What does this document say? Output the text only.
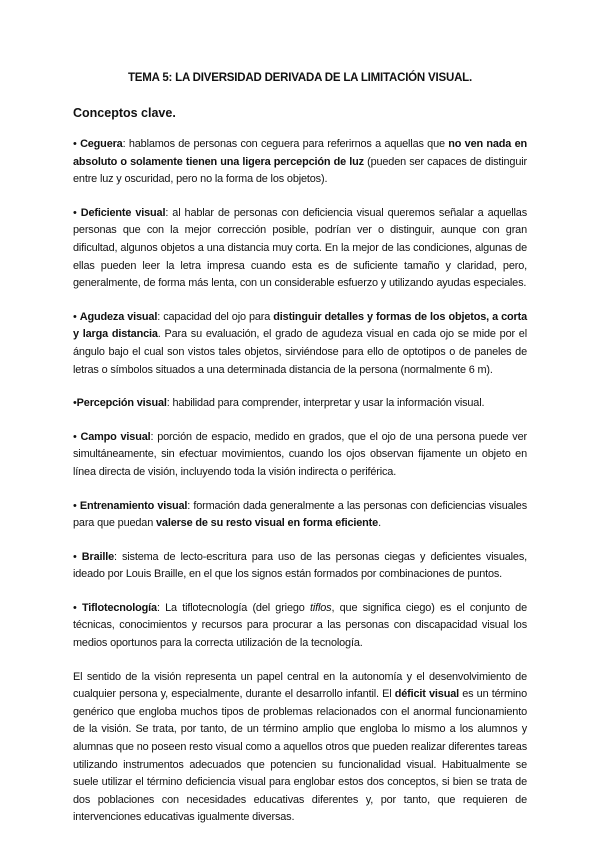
TEMA 5: LA DIVERSIDAD DERIVADA DE LA LIMITACIÓN VISUAL.
Conceptos clave.

• Ceguera: hablamos de personas con ceguera para referirnos a aquellas que no ven nada en absoluto o solamente tienen una ligera percepción de luz (pueden ser capaces de distinguir entre luz y oscuridad, pero no la forma de los objetos).

• Deficiente visual: al hablar de personas con deficiencia visual queremos señalar a aquellas personas que con la mejor corrección posible, podrían ver o distinguir, aunque con gran dificultad, algunos objetos a una distancia muy corta. En la mejor de las condiciones, algunas de ellas pueden leer la letra impresa cuando esta es de suficiente tamaño y claridad, pero, generalmente, de forma más lenta, con un considerable esfuerzo y utilizando ayudas especiales.

• Agudeza visual: capacidad del ojo para distinguir detalles y formas de los objetos, a corta y larga distancia. Para su evaluación, el grado de agudeza visual en cada ojo se mide por el ángulo bajo el cual son vistos tales objetos, sirviéndose para ello de optotipos o de paneles de letras o símbolos situados a una determinada distancia de la persona (normalmente 6 m).

•Percepción visual: habilidad para comprender, interpretar y usar la información visual.

• Campo visual: porción de espacio, medido en grados, que el ojo de una persona puede ver simultáneamente, sin efectuar movimientos, cuando los ojos observan fijamente un objeto en línea directa de visión, incluyendo toda la visión indirecta o periférica.

• Entrenamiento visual: formación dada generalmente a las personas con deficiencias visuales para que puedan valerse de su resto visual en forma eficiente.

• Braille: sistema de lecto-escritura para uso de las personas ciegas y deficientes visuales, ideado por Louis Braille, en el que los signos están formados por combinaciones de puntos.

• Tiflotecnología: La tiflotecnología (del griego tiflos, que significa ciego) es el conjunto de técnicas, conocimientos y recursos para procurar a las personas con discapacidad visual los medios oportunos para la correcta utilización de la tecnología.

El sentido de la visión representa un papel central en la autonomía y el desenvolvimiento de cualquier persona y, especialmente, durante el desarrollo infantil. El déficit visual es un término genérico que engloba muchos tipos de problemas relacionados con el anormal funcionamiento de la visión. Se trata, por tanto, de un término amplio que engloba lo mismo a los alumnos y alumnas que no poseen resto visual como a aquellos otros que pueden realizar diferentes tareas utilizando instrumentos adecuados que potencien su funcionalidad visual. Habitualmente se suele utilizar el término deficiencia visual para englobar estos dos conceptos, si bien se trata de dos poblaciones con necesidades educativas diferentes y, por tanto, que requieren de intervenciones educativas igualmente diversas.
